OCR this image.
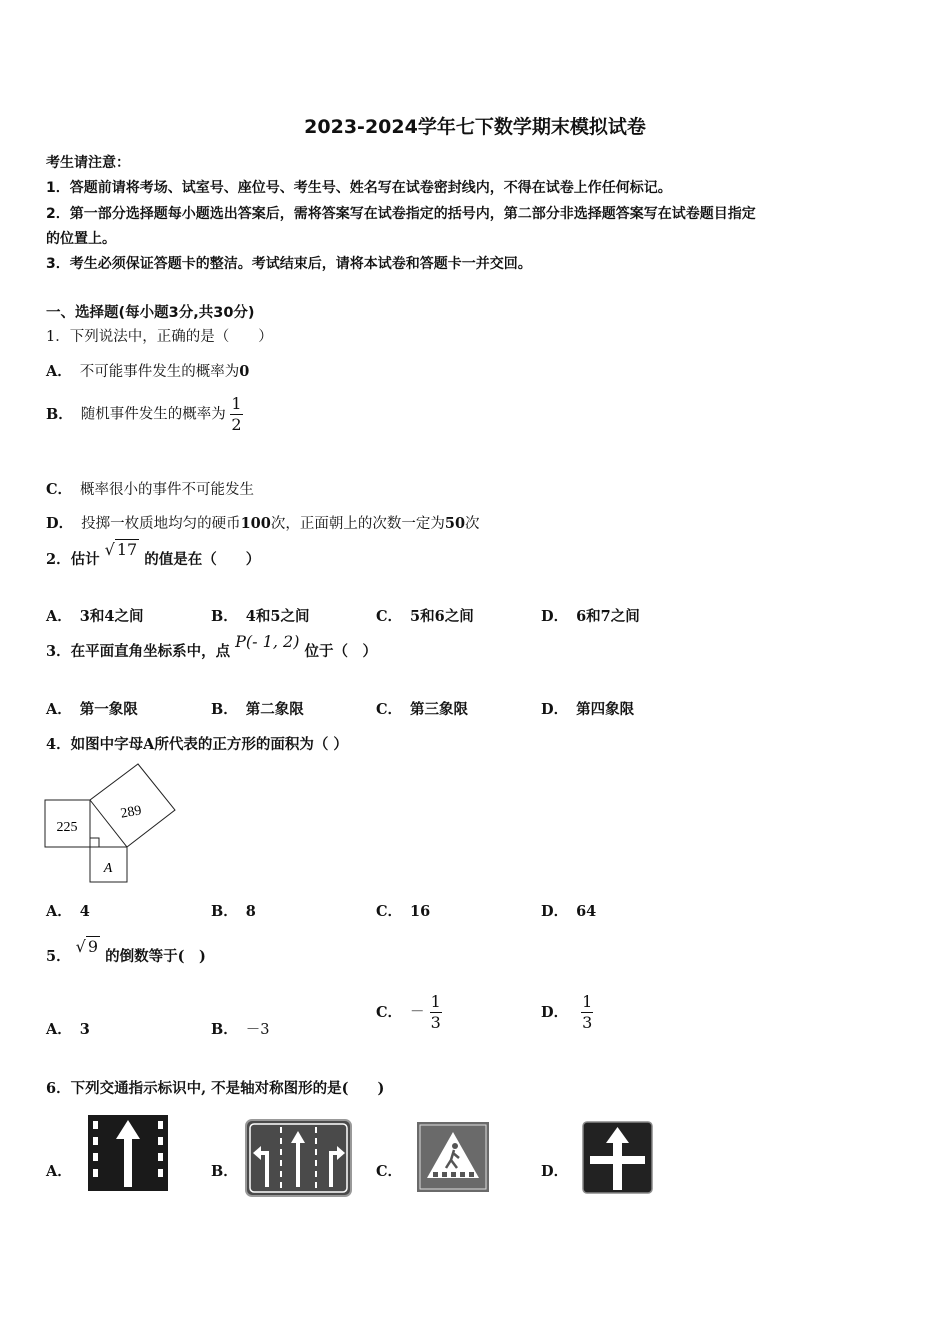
2023-2024学年七下数学期末模拟试卷
考生请注意：
1．答题前请将考场、试室号、座位号、考生号、姓名写在试卷密封线内，不得在试卷上作任何标记。
2．第一部分选择题每小题选出答案后，需将答案写在试卷指定的括号内，第二部分非选择题答案写在试卷题目指定
的位置上。
3．考生必须保证答题卡的整洁。考试结束后，请将本试卷和答题卡一并交回。
一、选择题(每小题3分,共30分)
1．下列说法中，正确的是（　　）
A． 不可能事件发生的概率为0
B． 随机事件发生的概率为 $\frac{1}{2}$
C． 概率很小的事件不可能发生
D． 投掷一枚质地均匀的硬币100次，正面朝上的次数一定为50次
2．估计 √ 17 的值是在（　　）
A． 3和4之间	B． 4和5之间	C． 5和6之间	D． 6和7之间
3．在平面直角坐标系中，点 P(- 1, 2) 位于（　）
A． 第一象限	B． 第二象限	C． 第三象限	D． 第四象限
4．如图中字母A所代表的正方形的面积为（ ）
225
289
A
A． 4	B． 8	C． 16	D． 64
5． √ 9 的倒数等于(　)
A． 3	B． －3
C． － $\frac{1}{3}$	D． $\frac{1}{3}$
6．下列交通指示标识中, 不是轴对称图形的是(　　)
A．	B．	C．	D．
